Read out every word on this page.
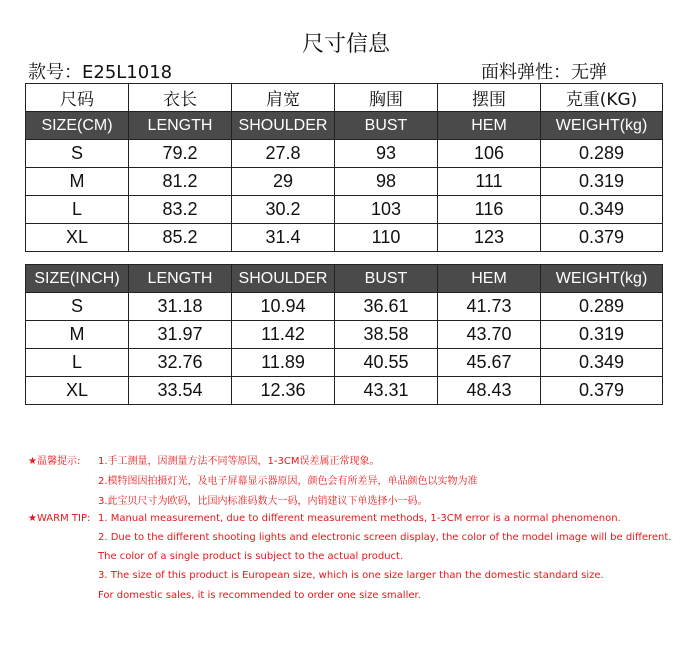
尺寸信息
款号：E25L1018	面料弹性：无弹
尺码	衣长	肩宽	胸围	摆围	克重(KG)
SIZE(CM)	LENGTH	SHOULDER	BUST	HEM	WEIGHT(kg)
S	79.2	27.8	93	106	0.289
M	81.2	29	98	111	0.319
L	83.2	30.2	103	116	0.349
XL	85.2	31.4	110	123	0.379
SIZE(INCH)	LENGTH	SHOULDER	BUST	HEM	WEIGHT(kg)
S	31.18	10.94	36.61	41.73	0.289
M	31.97	11.42	38.58	43.70	0.319
L	32.76	11.89	40.55	45.67	0.349
XL	33.54	12.36	43.31	48.43	0.379
★温馨提示: 1.手工测量，因测量方法不同等原因，1-3CM误差属正常现象。
2.模特图因拍摄灯光，及电子屏幕显示器原因，颜色会有所差异，单品颜色以实物为准
3.此宝贝尺寸为欧码，比国内标准码数大一码，内销建议下单选择小一码。
★WARM TIP: 1. Manual measurement, due to different measurement methods, 1-3CM error is a normal phenomenon.
2. Due to the different shooting lights and electronic screen display, the color of the model image will be different.
The color of a single product is subject to the actual product.
3. The size of this product is European size, which is one size larger than the domestic standard size.
For domestic sales, it is recommended to order one size smaller.
